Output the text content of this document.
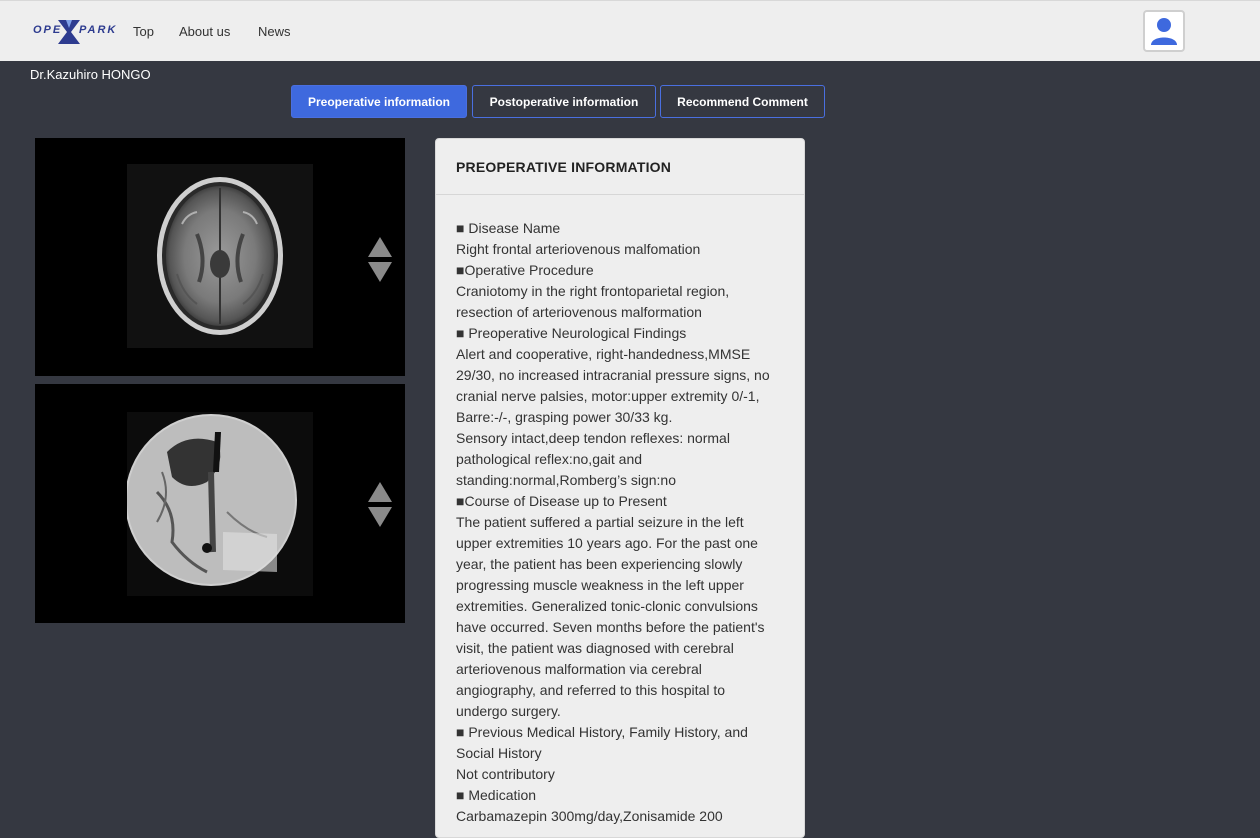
OPE PARK Top About us News
Dr.Kazuhiro HONGO
Preoperative information	Postoperative information	Recommend Comment
PREOPERATIVE INFORMATION
■ Disease Name
Right frontal arteriovenous malfomation
■Operative Procedure
Craniotomy in the right frontoparietal region,
resection of arteriovenous malformation
■ Preoperative Neurological Findings
Alert and cooperative, right-handedness,MMSE
29/30, no increased intracranial pressure signs, no
cranial nerve palsies, motor:upper extremity 0/-1,
Barre:-/-, grasping power 30/33 kg.
Sensory intact,deep tendon reflexes: normal
pathological reflex:no,gait and
standing:normal,Romberg’s sign:no
■Course of Disease up to Present
The patient suffered a partial seizure in the left
upper extremities 10 years ago. For the past one
year, the patient has been experiencing slowly
progressing muscle weakness in the left upper
extremities. Generalized tonic-clonic convulsions
have occurred. Seven months before the patient's
visit, the patient was diagnosed with cerebral
arteriovenous malformation via cerebral
angiography, and referred to this hospital to
undergo surgery.
■ Previous Medical History, Family History, and
Social History
Not contributory
■ Medication
Carbamazepin 300mg/day,Zonisamide 200
